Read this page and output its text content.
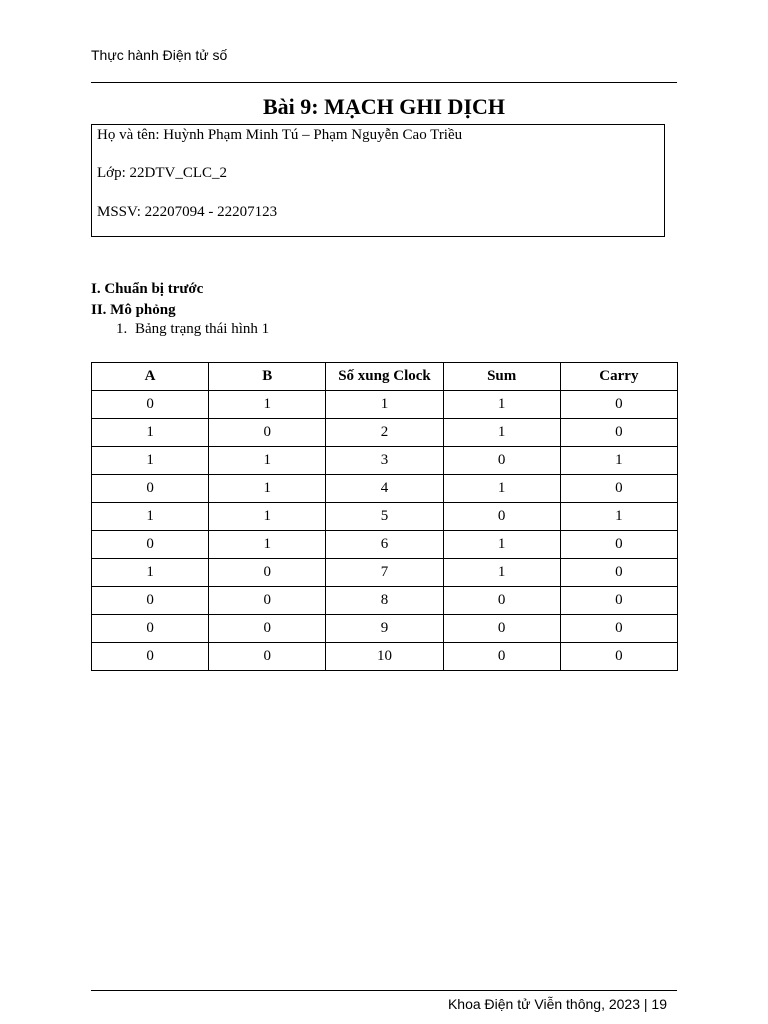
Thực hành Điện tử số
Bài 9: MẠCH GHI DỊCH
Họ và tên: Huỳnh Phạm Minh Tú – Phạm Nguyễn Cao Triều
Lớp: 22DTV_CLC_2
MSSV: 22207094 - 22207123
I. Chuẩn bị trước
II. Mô phỏng
1. Bảng trạng thái hình 1
A	B	Số xung Clock	Sum	Carry
0	1	1	1	0
1	0	2	1	0
1	1	3	0	1
0	1	4	1	0
1	1	5	0	1
0	1	6	1	0
1	0	7	1	0
0	0	8	0	0
0	0	9	0	0
0	0	10	0	0
Khoa Điện tử Viễn thông, 2023 | 19
